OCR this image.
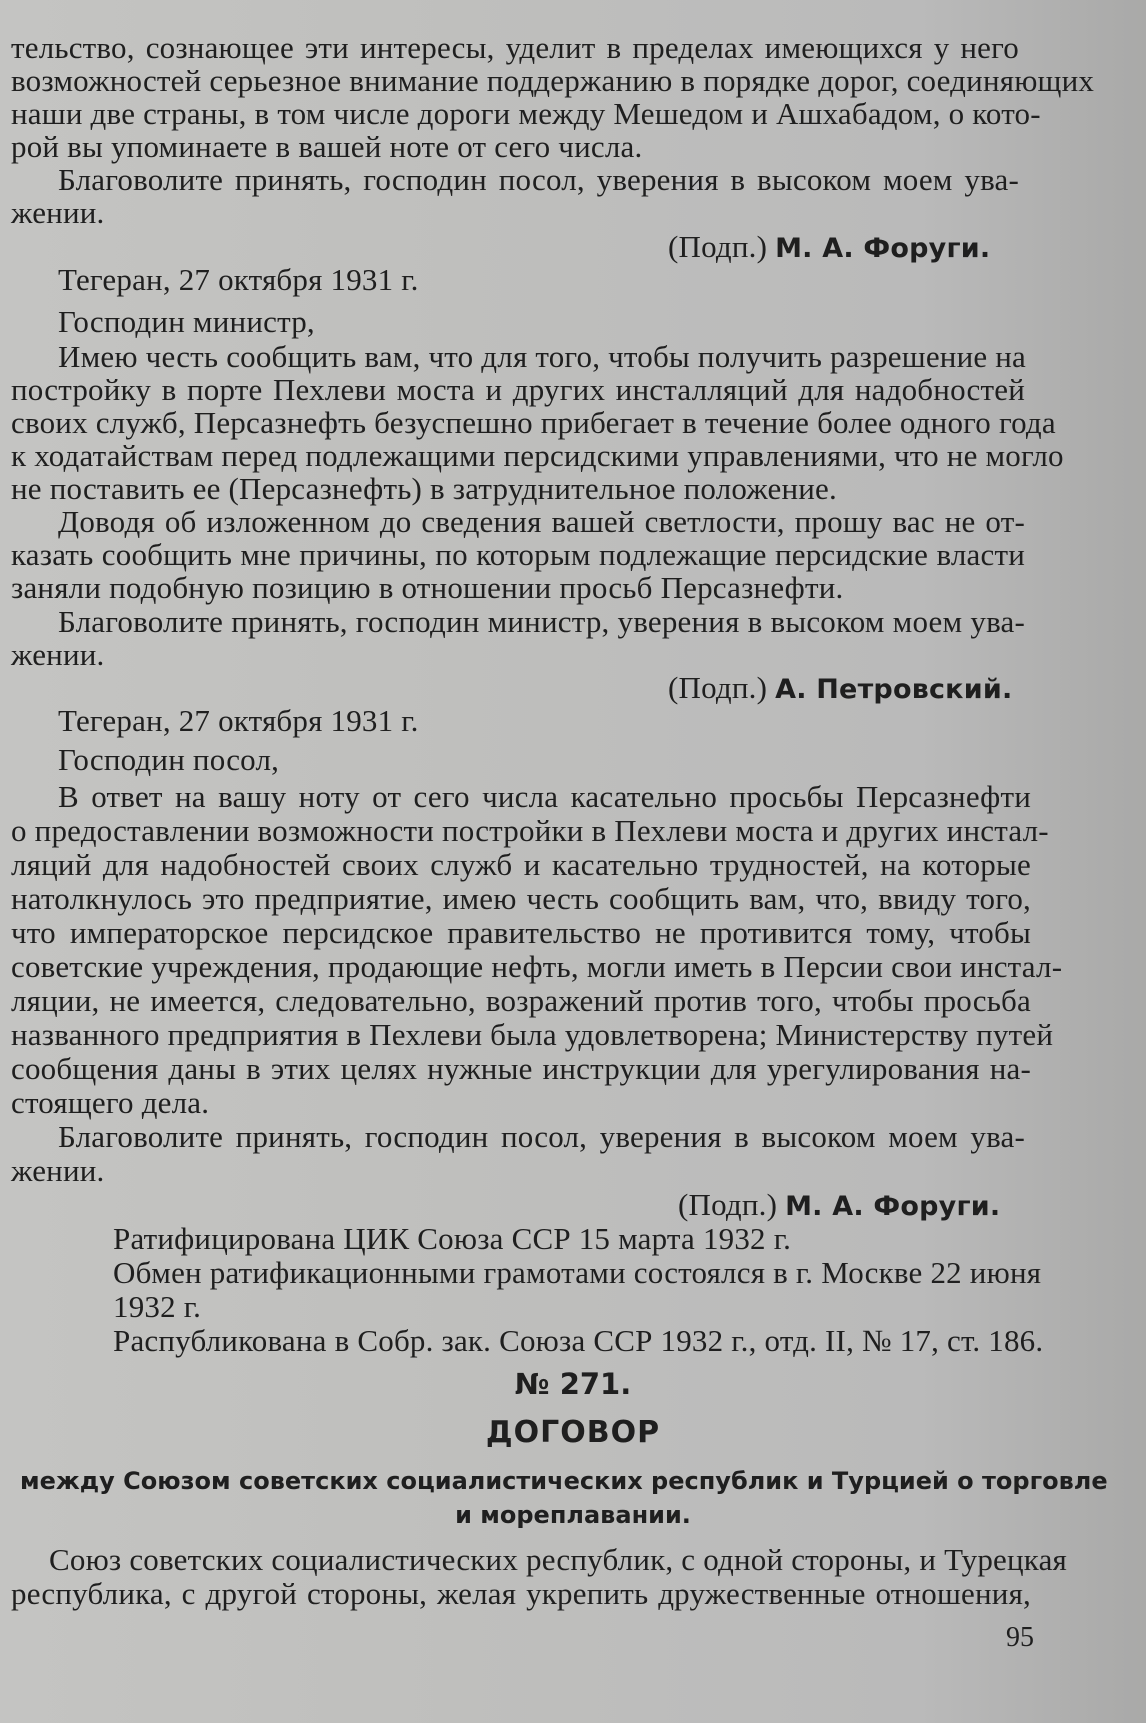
тельство, сознающее эти интересы, уделит в пределах имеющихся у него
возможностей серьезное внимание поддержанию в порядке дорог, соединяющих
наши две страны, в том числе дороги между Мешедом и Ашхабадом, о кото-
рой вы упоминаете в вашей ноте от сего числа.
Благоволите принять, господин посол, уверения в высоком моем ува-
жении.
(Подп.) М. А. Форуги.
Тегеран, 27 октября 1931 г.
Господин министр,
Имею честь сообщить вам, что для того, чтобы получить разрешение на
постройку в порте Пехлеви моста и других инсталляций для надобностей
своих служб, Персазнефть безуспешно прибегает в течение более одного года
к ходатайствам перед подлежащими персидскими управлениями, что не могло
не поставить ее (Персазнефть) в затруднительное положение.
Доводя об изложенном до сведения вашей светлости, прошу вас не от-
казать сообщить мне причины, по которым подлежащие персидские власти
заняли подобную позицию в отношении просьб Персазнефти.
Благоволите принять, господин министр, уверения в высоком моем ува-
жении.
(Подп.) А. Петровский.
Тегеран, 27 октября 1931 г.
Господин посол,
В ответ на вашу ноту от сего числа касательно просьбы Персазнефти
о предоставлении возможности постройки в Пехлеви моста и других инстал-
ляций для надобностей своих служб и касательно трудностей, на которые
натолкнулось это предприятие, имею честь сообщить вам, что, ввиду того,
что императорское персидское правительство не противится тому, чтобы
советские учреждения, продающие нефть, могли иметь в Персии свои инстал-
ляции, не имеется, следовательно, возражений против того, чтобы просьба
названного предприятия в Пехлеви была удовлетворена; Министерству путей
сообщения даны в этих целях нужные инструкции для урегулирования на-
стоящего дела.
Благоволите принять, господин посол, уверения в высоком моем ува-
жении.
(Подп.) М. А. Форуги.
Ратифицирована ЦИК Союза ССР 15 марта 1932 г.
Обмен ратификационными грамотами состоялся в г. Москве 22 июня
1932 г.
Распубликована в Собр. зак. Союза ССР 1932 г., отд. II, № 17, ст. 186.
№ 271.
ДОГОВОР
между Союзом советских социалистических республик и Турцией о торговле
и мореплавании.
Союз советских социалистических республик, с одной стороны, и Турецкая
республика, с другой стороны, желая укрепить дружественные отношения,
95
